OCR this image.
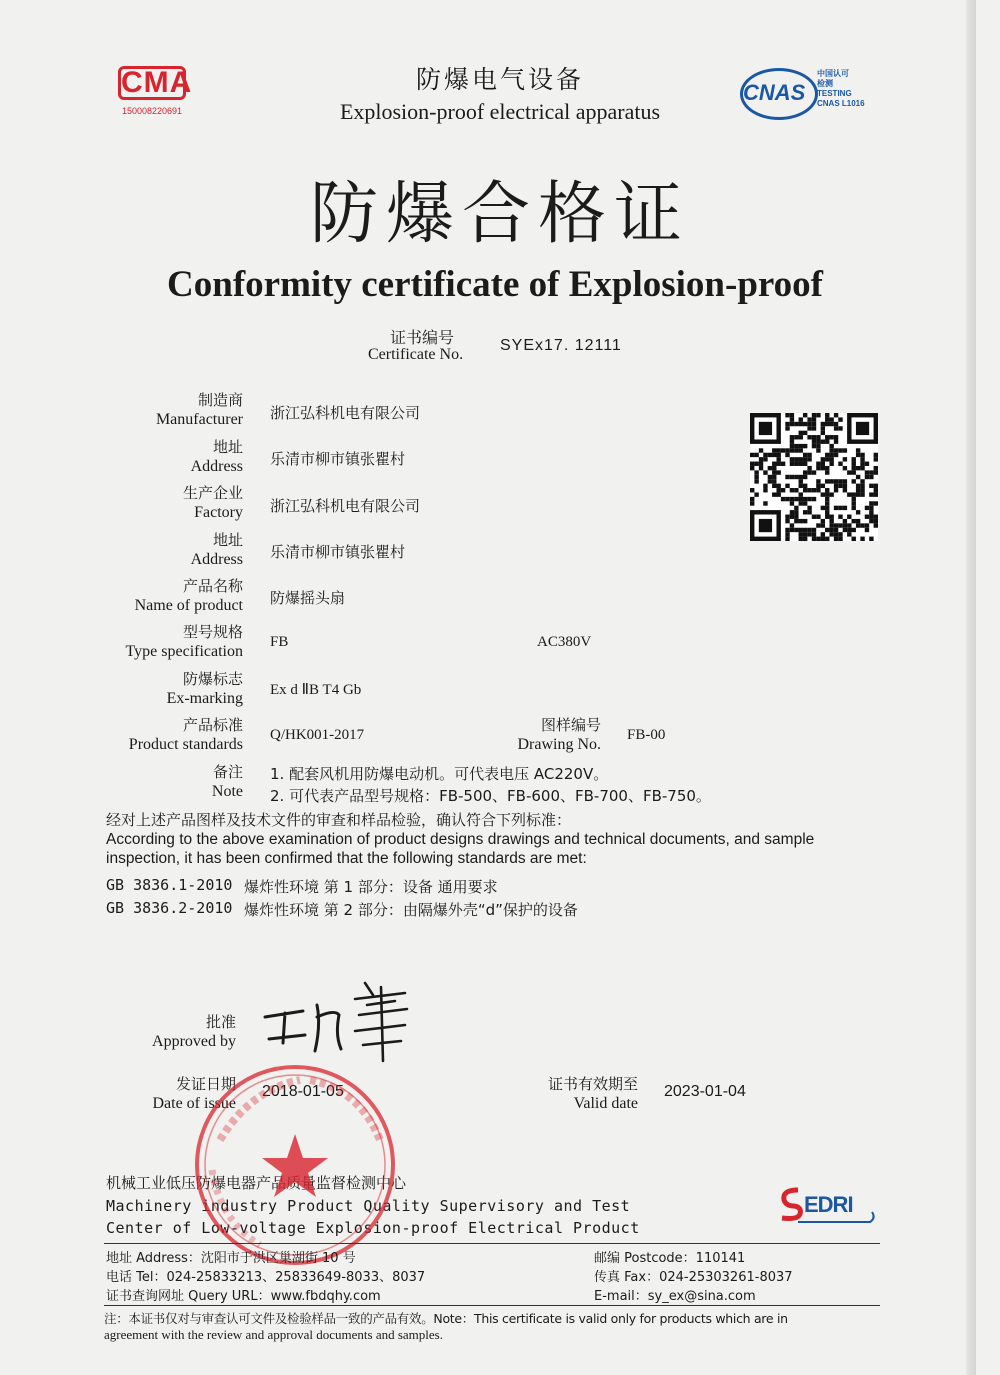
CMA
150008220691
CNAS
中国认可
检测
TESTING
CNAS L1016
防爆电气设备
Explosion-proof electrical apparatus
防爆合格证
Conformity certificate of Explosion-proof
证书编号
Certificate No.
SYEx17. 12111
制造商
Manufacturer 浙江弘科机电有限公司
地址
Address 乐清市柳市镇张瞿村
生产企业
Factory 浙江弘科机电有限公司
地址
Address 乐清市柳市镇张瞿村
产品名称
Name of product 防爆摇头扇
型号规格
Type specification
FB	AC380V
防爆标志
Ex-marking Ex d ⅡB T4 Gb
产品标准
Product standards
Q/HK001-2017
图样编号
Drawing No.
FB-00
备注
Note
1. 配套风机用防爆电动机。可代表电压 AC220V。
2. 可代表产品型号规格：FB-500、FB-600、FB-700、FB-750。
经对上述产品图样及技术文件的审查和样品检验，确认符合下列标准：
According to the above examination of product designs drawings and technical documents, and sample
inspection, it has been confirmed that the following standards are met:
GB 3836.1-2010 爆炸性环境 第 1 部分：设备 通用要求
GB 3836.2-2010 爆炸性环境 第 2 部分：由隔爆外壳“d”保护的设备
批准
Approved by
发证日期
Date of issue
2018-01-05	证书有效期至
Valid date
2023-01-04
机械工业低压防爆电器产品质量监督检测中心
Machinery industry Product Quality Supervisory and Test
Center of Low-voltage Explosion-proof Electrical Product
EDRI
地址 Address：沈阳市于洪区巢湖街 10 号
电话 Tel：024-25833213、25833649-8033、8037
证书查询网址 Query URL：www.fbdqhy.com
邮编 Postcode：110141
传真 Fax：024-25303261-8037
E-mail：sy_ex@sina.com
注：本证书仅对与审查认可文件及检验样品一致的产品有效。Note：This certificate is valid only for products which are in
agreement with the review and approval documents and samples.
